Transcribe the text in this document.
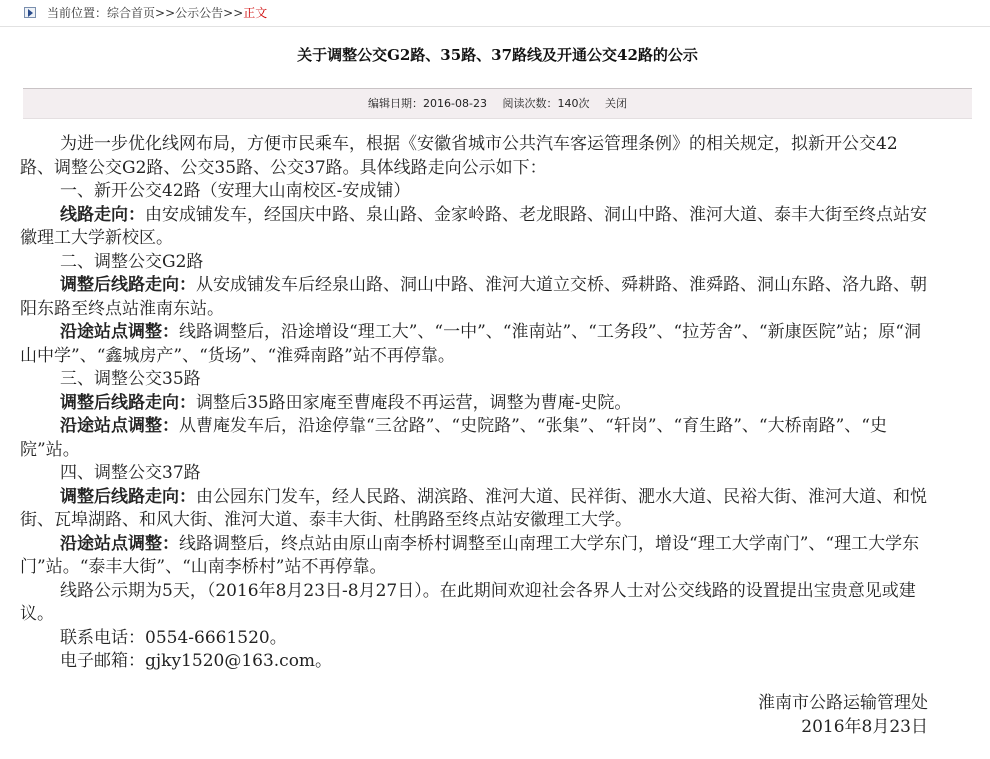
当前位置：综合首页>>公示公告>>正文
关于调整公交G2路、35路、37路线及开通公交42路的公示
编辑日期：2016-08-23 阅读次数：140次 关闭

为进一步优化线网布局，方便市民乘车，根据《安徽省城市公共汽车客运管理条例》的相关规定，拟新开公交42路、调整公交G2路、公交35路、公交37路。具体线路走向公示如下：

一、新开公交42路（安理大山南校区-安成铺）

线路走向：由安成铺发车，经国庆中路、泉山路、金家岭路、老龙眼路、洞山中路、淮河大道、泰丰大街至终点站安徽理工大学新校区。

二、调整公交G2路

调整后线路走向：从安成铺发车后经泉山路、洞山中路、淮河大道立交桥、舜耕路、淮舜路、洞山东路、洛九路、朝阳东路至终点站淮南东站。

沿途站点调整：线路调整后，沿途增设“理工大”、“一中”、“淮南站”、“工务段”、“拉芳舍”、“新康医院”站；原“洞山中学”、“鑫城房产”、“货场”、“淮舜南路”站不再停靠。

三、调整公交35路

调整后线路走向：调整后35路田家庵至曹庵段不再运营，调整为曹庵-史院。

沿途站点调整：从曹庵发车后，沿途停靠“三岔路”、“史院路”、“张集”、“轩岗”、“育生路”、“大桥南路”、“史院”站。

四、调整公交37路

调整后线路走向：由公园东门发车，经人民路、湖滨路、淮河大道、民祥街、淝水大道、民裕大街、淮河大道、和悦街、瓦埠湖路、和风大街、淮河大道、泰丰大街、杜鹃路至终点站安徽理工大学。

沿途站点调整：线路调整后，终点站由原山南李桥村调整至山南理工大学东门，增设“理工大学南门”、“理工大学东门”站。“泰丰大街”、“山南李桥村”站不再停靠。

线路公示期为5天，（2016年8月23日-8月27日）。在此期间欢迎社会各界人士对公交线路的设置提出宝贵意见或建议。

联系电话：0554-6661520。

电子邮箱：gjky1520@163.com。

淮南市公路运输管理处
2016年8月23日
